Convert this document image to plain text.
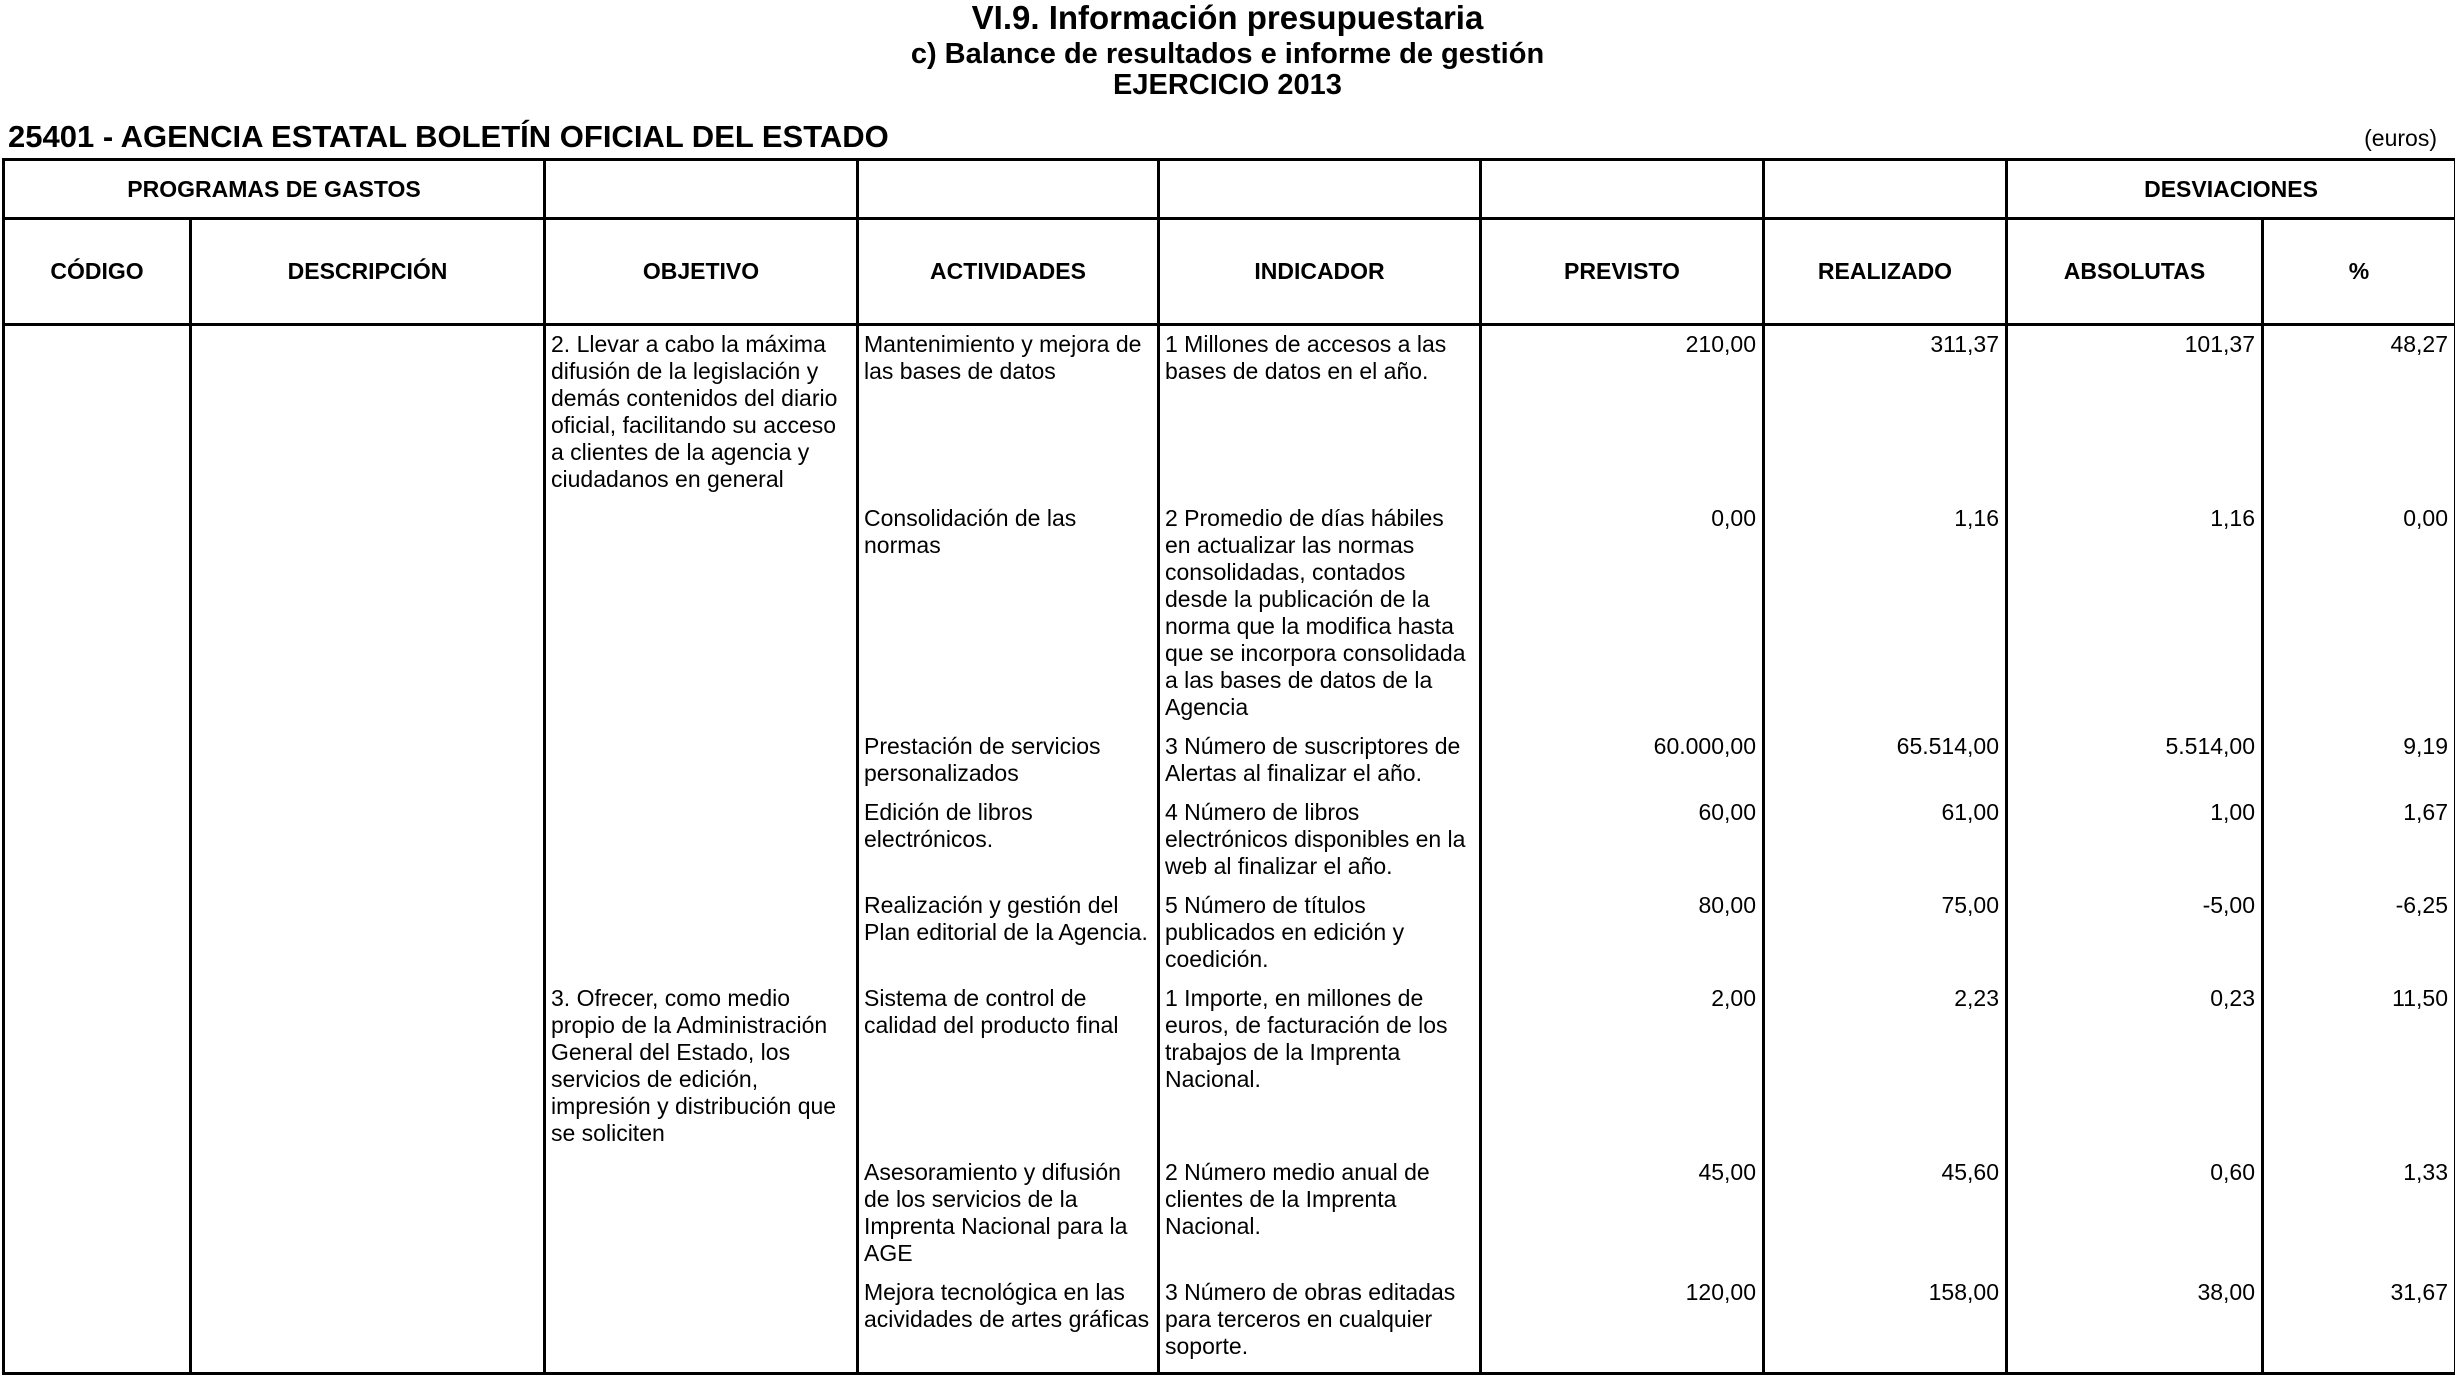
VI.9. Información presupuestaria
c) Balance de resultados e informe de gestión
EJERCICIO 2013
25401 - AGENCIA ESTATAL BOLETÍN OFICIAL DEL ESTADO	(euros)
PROGRAMAS DE GASTOS							DESVIACIONES	
CÓDIGO	DESCRIPCIÓN	OBJETIVO	ACTIVIDADES	INDICADOR	PREVISTO	REALIZADO	ABSOLUTAS	%
		2. Llevar a cabo la máxima difusión de la legislación y demás contenidos del diario oficial, facilitando su acceso a clientes de la agencia y ciudadanos en general	Mantenimiento y mejora de las bases de datos	1 Millones de accesos a las bases de datos en el año.	210,00	311,37	101,37	48,27
			Consolidación de las normas	2 Promedio de días hábiles en actualizar las normas consolidadas, contados desde la publicación de la norma que la modifica hasta que se incorpora consolidada a las bases de datos de la Agencia	0,00	1,16	1,16	0,00
			Prestación de servicios personalizados	3 Número de suscriptores de Alertas al finalizar el año.	60.000,00	65.514,00	5.514,00	9,19
			Edición de libros electrónicos.	4 Número de libros electrónicos disponibles en la web al finalizar el año.	60,00	61,00	1,00	1,67
			Realización y gestión del Plan editorial de la Agencia.	5 Número de títulos publicados en edición y coedición.	80,00	75,00	-5,00	-6,25
		3. Ofrecer, como medio propio de la Administración General del Estado, los servicios de edición, impresión y distribución que se soliciten	Sistema de control de calidad del producto final	1 Importe, en millones de euros, de facturación de los trabajos de la Imprenta Nacional.	2,00	2,23	0,23	11,50
			Asesoramiento y difusión de los servicios de la Imprenta Nacional para la AGE	2 Número medio anual de clientes de la Imprenta Nacional.	45,00	45,60	0,60	1,33
			Mejora tecnológica en las acividades de artes gráficas	3 Número de obras editadas para terceros en cualquier soporte.	120,00	158,00	38,00	31,67
